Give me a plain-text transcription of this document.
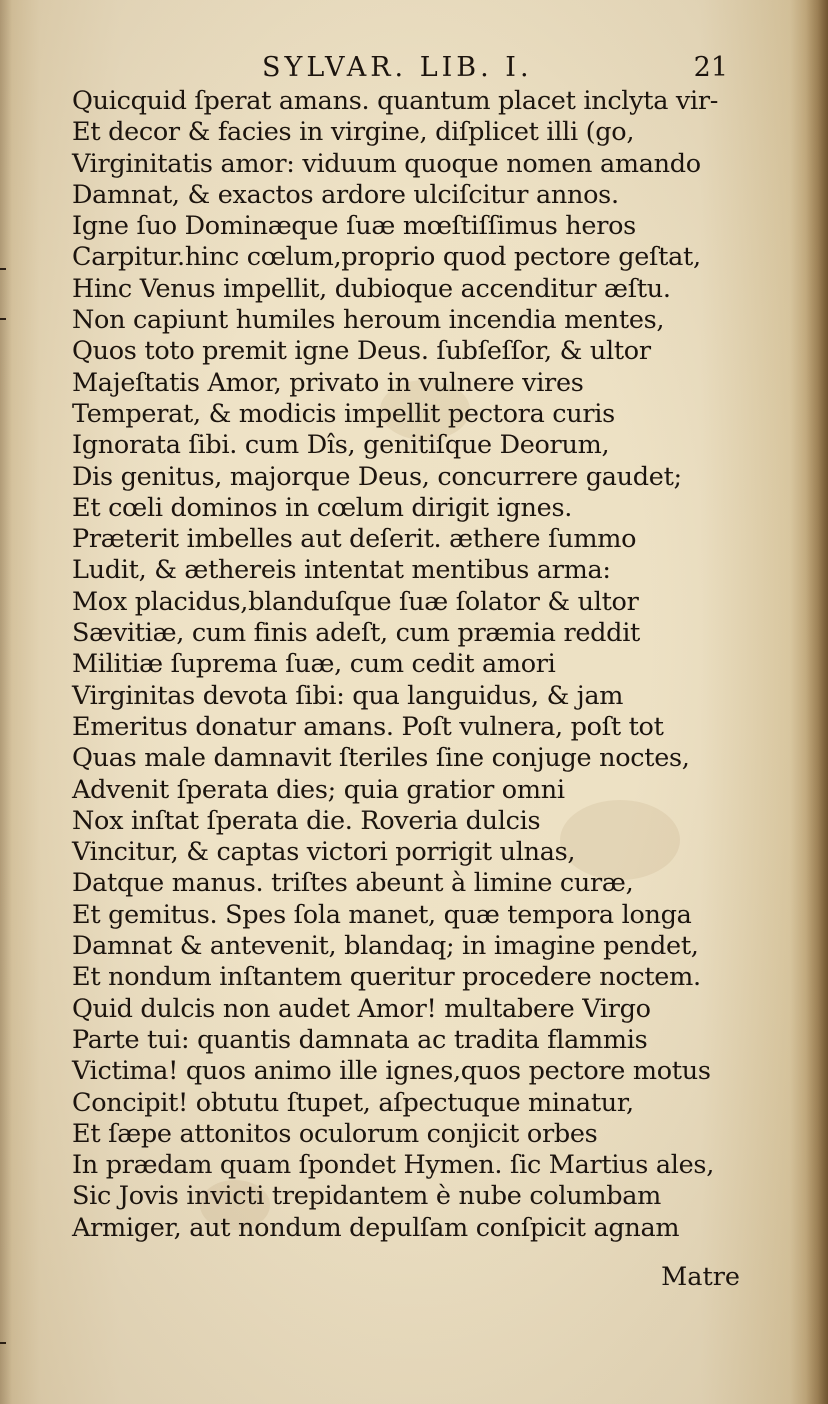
SYLVAR. LIB. I.	21
Quicquid ſperat amans. quantum placet inclyta vir-
Et decor & facies in virgine, diſplicet illi (go,
Virginitatis amor: viduum quoque nomen amando
Damnat, & exactos ardore ulciſcitur annos.
Igne ſuo Dominæque ſuæ mœſtiſſimus heros
Carpitur.hinc cœlum,proprio quod pectore geſtat,
Hinc Venus impellit, dubioque accenditur æſtu.
Non capiunt humiles heroum incendia mentes,
Quos toto premit igne Deus. ſubſeſſor, & ultor
Majeſtatis Amor, privato in vulnere vires
Temperat, & modicis impellit pectora curis
Ignorata ſibi. cum Dîs, genitiſque Deorum,
Dis genitus, majorque Deus, concurrere gaudet;
Et cœli dominos in cœlum dirigit ignes.
Præterit imbelles aut deſerit. æthere ſummo
Ludit, & æthereis intentat mentibus arma:
Mox placidus,blanduſque ſuæ ſolator & ultor
Sævitiæ, cum finis adeſt, cum præmia reddit
Militiæ ſuprema ſuæ, cum cedit amori
Virginitas devota ſibi: qua languidus, & jam
Emeritus donatur amans. Poſt vulnera, poſt tot
Quas male damnavit ſteriles ſine conjuge noctes,
Advenit ſperata dies; quia gratior omni
Nox inſtat ſperata die. Roveria dulcis
Vincitur, & captas victori porrigit ulnas,
Datque manus. triſtes abeunt à limine curæ,
Et gemitus. Spes ſola manet, quæ tempora longa
Damnat & antevenit, blandaq; in imagine pendet,
Et nondum inſtantem queritur procedere noctem.
Quid dulcis non audet Amor! multabere Virgo
Parte tui: quantis damnata ac tradita flammis
Victima! quos animo ille ignes,quos pectore motus
Concipit! obtutu ſtupet, aſpectuque minatur,
Et ſæpe attonitos oculorum conjicit orbes
In prædam quam ſpondet Hymen. ſic Martius ales,
Sic Jovis invicti trepidantem è nube columbam
Armiger, aut nondum depulſam conſpicit agnam
Matre
